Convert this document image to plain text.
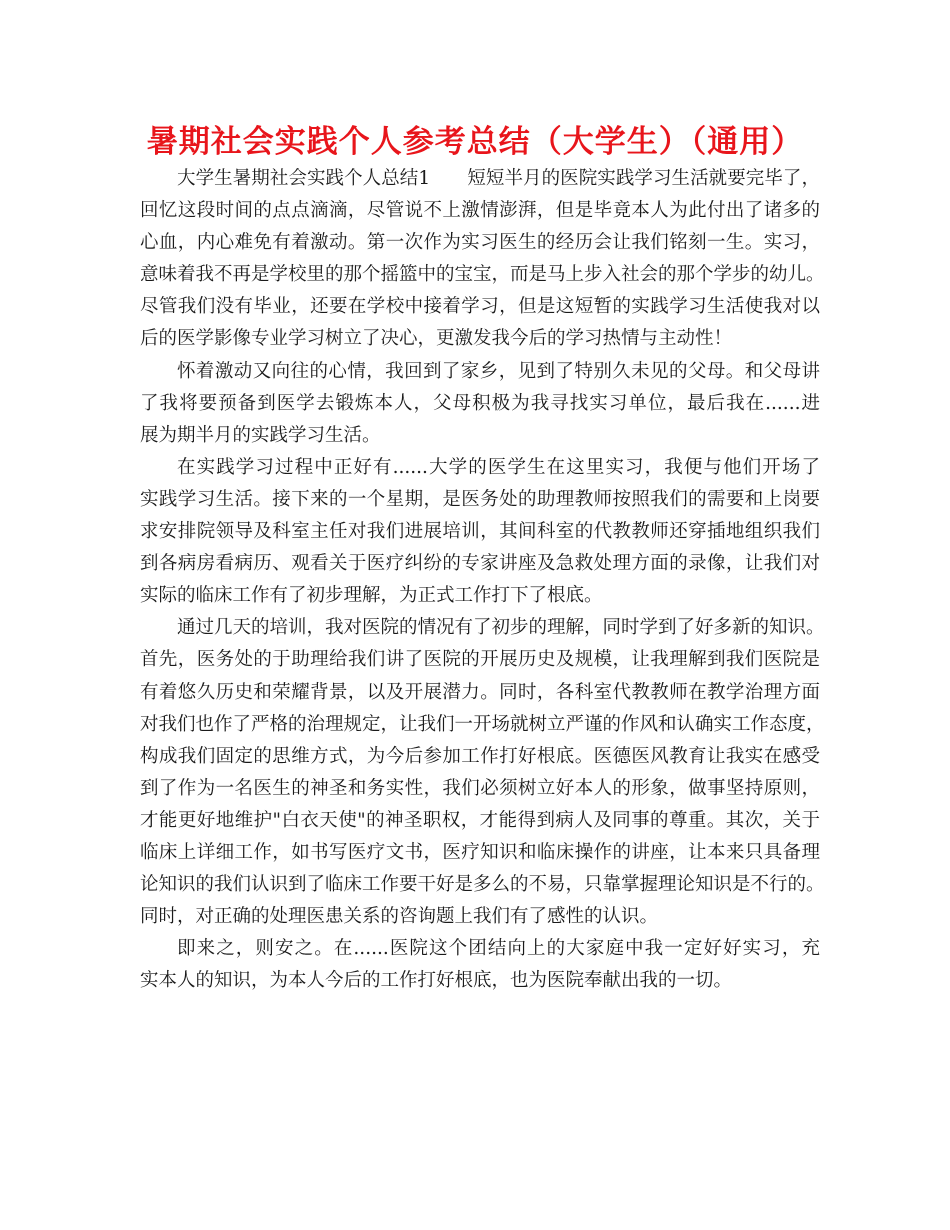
暑期社会实践个人参考总结（大学生）（通用）

大学生暑期社会实践个人总结1　　短短半月的医院实践学习生活就要完毕了，
回忆这段时间的点点滴滴，尽管说不上激情澎湃，但是毕竟本人为此付出了诸多的
心血，内心难免有着激动。第一次作为实习医生的经历会让我们铭刻一生。实习，
意味着我不再是学校里的那个摇篮中的宝宝，而是马上步入社会的那个学步的幼儿。
尽管我们没有毕业，还要在学校中接着学习，但是这短暂的实践学习生活使我对以
后的医学影像专业学习树立了决心，更激发我今后的学习热情与主动性！

怀着激动又向往的心情，我回到了家乡，见到了特别久未见的父母。和父母讲
了我将要预备到医学去锻炼本人，父母积极为我寻找实习单位，最后我在......进
展为期半月的实践学习生活。

在实践学习过程中正好有......大学的医学生在这里实习，我便与他们开场了
实践学习生活。接下来的一个星期，是医务处的助理教师按照我们的需要和上岗要
求安排院领导及科室主任对我们进展培训，其间科室的代教教师还穿插地组织我们
到各病房看病历、观看关于医疗纠纷的专家讲座及急救处理方面的录像，让我们对
实际的临床工作有了初步理解，为正式工作打下了根底。

通过几天的培训，我对医院的情况有了初步的理解，同时学到了好多新的知识。
首先，医务处的于助理给我们讲了医院的开展历史及规模，让我理解到我们医院是
有着悠久历史和荣耀背景，以及开展潜力。同时，各科室代教教师在教学治理方面
对我们也作了严格的治理规定，让我们一开场就树立严谨的作风和认确实工作态度，
构成我们固定的思维方式，为今后参加工作打好根底。医德医风教育让我实在感受
到了作为一名医生的神圣和务实性，我们必须树立好本人的形象，做事坚持原则，
才能更好地维护"白衣天使"的神圣职权，才能得到病人及同事的尊重。其次，关于
临床上详细工作，如书写医疗文书，医疗知识和临床操作的讲座，让本来只具备理
论知识的我们认识到了临床工作要干好是多么的不易，只靠掌握理论知识是不行的。
同时，对正确的处理医患关系的咨询题上我们有了感性的认识。

即来之，则安之。在......医院这个团结向上的大家庭中我一定好好实习，充
实本人的知识，为本人今后的工作打好根底，也为医院奉献出我的一切。
